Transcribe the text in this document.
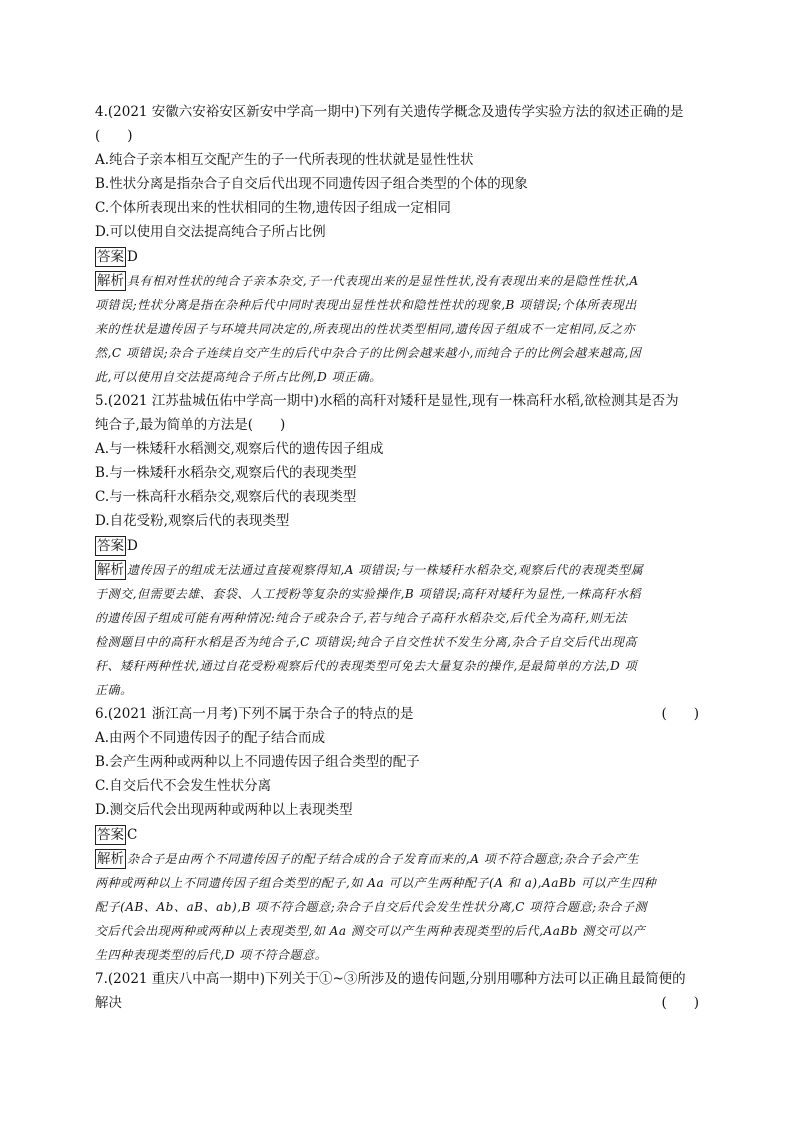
4.(2021 安徽六安裕安区新安中学高一期中)下列有关遗传学概念及遗传学实验方法的叙述正确的是
(　　)
A.纯合子亲本相互交配产生的子一代所表现的性状就是显性性状
B.性状分离是指杂合子自交后代出现不同遗传因子组合类型的个体的现象
C.个体所表现出来的性状相同的生物,遗传因子组成一定相同
D.可以使用自交法提高纯合子所占比例
答案 D
解析 具有相对性状的纯合子亲本杂交,子一代表现出来的是显性性状,没有表现出来的是隐性性状,A
项错误;性状分离是指在杂种后代中同时表现出显性性状和隐性性状的现象,B 项错误;个体所表现出
来的性状是遗传因子与环境共同决定的,所表现出的性状类型相同,遗传因子组成不一定相同,反之亦
然,C 项错误;杂合子连续自交产生的后代中杂合子的比例会越来越小,而纯合子的比例会越来越高,因
此,可以使用自交法提高纯合子所占比例,D 项正确。
5.(2021 江苏盐城伍佑中学高一期中)水稻的高秆对矮秆是显性,现有一株高秆水稻,欲检测其是否为
纯合子,最为简单的方法是(　　)
A.与一株矮秆水稻测交,观察后代的遗传因子组成
B.与一株矮秆水稻杂交,观察后代的表现类型
C.与一株高秆水稻杂交,观察后代的表现类型
D.自花受粉,观察后代的表现类型
答案 D
解析 遗传因子的组成无法通过直接观察得知,A 项错误;与一株矮秆水稻杂交,观察后代的表现类型属
于测交,但需要去雄、套袋、人工授粉等复杂的实验操作,B 项错误;高秆对矮秆为显性,一株高秆水稻
的遗传因子组成可能有两种情况:纯合子或杂合子,若与纯合子高秆水稻杂交,后代全为高秆,则无法
检测题目中的高秆水稻是否为纯合子,C 项错误;纯合子自交性状不发生分离,杂合子自交后代出现高
秆、矮秆两种性状,通过自花受粉观察后代的表现类型可免去大量复杂的操作,是最简单的方法,D 项
正确。
6.(2021 浙江高一月考)下列不属于杂合子的特点的是	(　　)
A.由两个不同遗传因子的配子结合而成
B.会产生两种或两种以上不同遗传因子组合类型的配子
C.自交后代不会发生性状分离
D.测交后代会出现两种或两种以上表现类型
答案 C
解析 杂合子是由两个不同遗传因子的配子结合成的合子发育而来的,A 项不符合题意;杂合子会产生
两种或两种以上不同遗传因子组合类型的配子,如 Aa 可以产生两种配子(A 和 a),AaBb 可以产生四种
配子(AB、Ab、aB、ab),B 项不符合题意;杂合子自交后代会发生性状分离,C 项符合题意;杂合子测
交后代会出现两种或两种以上表现类型,如 Aa 测交可以产生两种表现类型的后代,AaBb 测交可以产
生四种表现类型的后代,D 项不符合题意。
7.(2021 重庆八中高一期中)下列关于①~③所涉及的遗传问题,分别用哪种方法可以正确且最简便的
解决	(　　)
